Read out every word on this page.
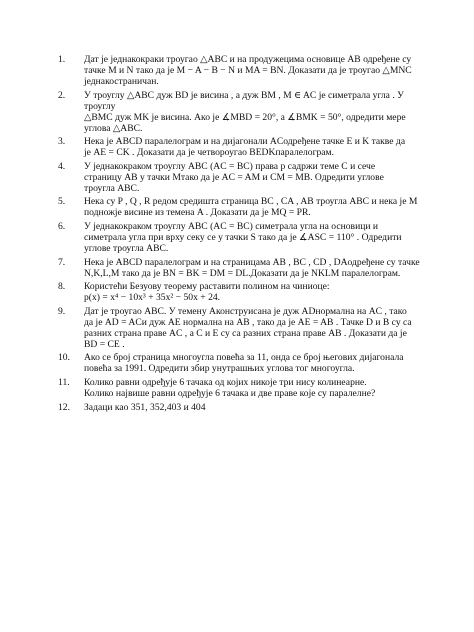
1.	Дат је једнакокраки троугао △ABC и на продужецима основице AB одређене су
тачке M и N тако да је M − A − B − N и MA = BN. Доказати да је троугао △MNC
једнакостраничан.
2.	У троуглу △ABC дуж BD је висина , а дуж BM , M ∈ AC је симетрала угла . У
троуглу
△BMC дуж MK је висина. Ако је ∡MBD = 20°, а ∡BMK = 50°, одредити мере
углова △ABC.
3.	Нека је ABCD паралелограм и на дијагонали ACодређене тачке E и K такве да
је AE = CK . Доказати да је четвороугао BEDKпаралелограм.
4.	У једнакокраком троуглу ABC (AC = BC) права p садржи теме C и сече
страницу AB у тачки Mтако да је AC = AM и CM = MB. Одредити углове
троугла ABC.
5.	Нека су P , Q , R редом средишта страница BC , CA , AB троугла ABC и нека је M
подножје висине из темена A . Доказати да је MQ = PR.
6.	У једнакокраком троуглу ABC (AC = BC) симетрала угла на основици и
симетрала угла при врху секу се у тачки S тако да је ∡ASC = 110° . Одредити
углове троугла ABC.
7.	Нека је ABCD паралелограм и на страницама AB , BC , CD , DAодређене су тачке
N,K,L,M тако да је BN = BK = DM = DL.Доказати да је NKLM паралелограм.
8.	Користећи Безуову теорему раставити полином на чиниоце:
p(x) = x⁴ − 10x³ + 35x² − 50x + 24.
9.	Дат је троугао ABC. У темену Aконструисана је дуж ADнормална на AC , тако
да је AD = ACи дуж AE нормална на AB , тако да је AE = AB . Тачке D и B су са
разних страна праве AC , а C и E су са разних страна праве AB . Доказати да је
BD = CE .
10.	Ако се број страница многоугла повећа за 11, онда се број његових дијагонала
повећа за 1991. Одредити збир унутрашњих углова тог многоугла.
11.	Колико равни одређује 6 тачака од којих никоје три нису колинеарне.
Колико највише равни одређује 6 тачака и две праве које су паралелне?
12.	Задаци као 351, 352,403 и 404
